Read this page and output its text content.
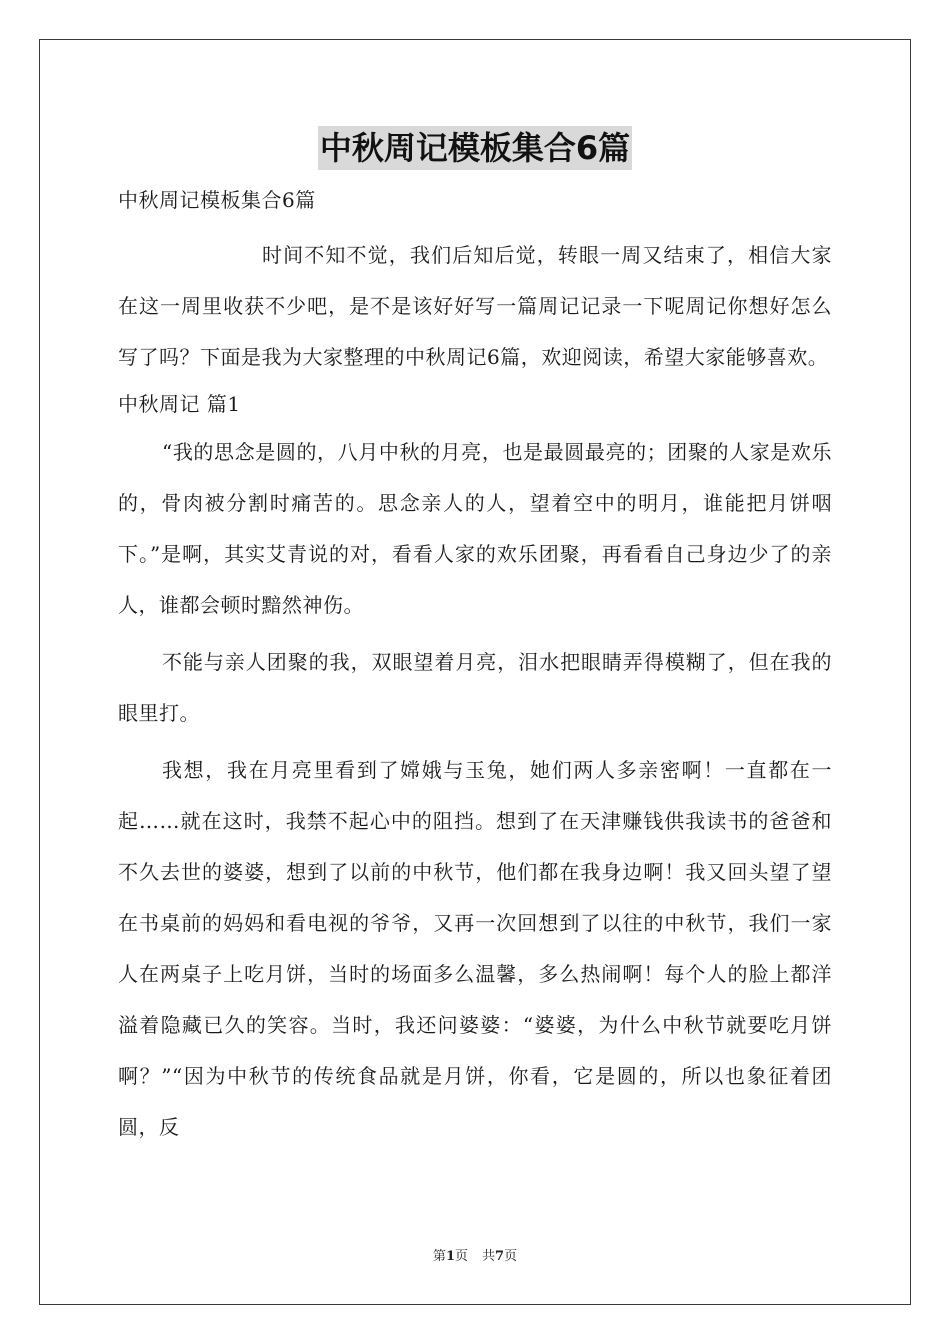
中秋周记模板集合6篇

中秋周记模板集合6篇

时间不知不觉，我们后知后觉，转眼一周又结束了，相信大家在这一周里收获不少吧，是不是该好好写一篇周记记录一下呢周记你想好怎么写了吗？下面是我为大家整理的中秋周记6篇，欢迎阅读，希望大家能够喜欢。

中秋周记 篇1

“我的思念是圆的，八月中秋的月亮，也是最圆最亮的；团聚的人家是欢乐的，骨肉被分割时痛苦的。思念亲人的人，望着空中的明月，谁能把月饼咽下。”是啊，其实艾青说的对，看看人家的欢乐团聚，再看看自己身边少了的亲人，谁都会顿时黯然神伤。

不能与亲人团聚的我，双眼望着月亮，泪水把眼睛弄得模糊了，但在我的眼里打。

我想，我在月亮里看到了嫦娥与玉兔，她们两人多亲密啊！一直都在一起……就在这时，我禁不起心中的阻挡。想到了在天津赚钱供我读书的爸爸和不久去世的婆婆，想到了以前的中秋节，他们都在我身边啊！我又回头望了望在书桌前的妈妈和看电视的爷爷，又再一次回想到了以往的中秋节，我们一家人在两桌子上吃月饼，当时的场面多么温馨，多么热闹啊！每个人的脸上都洋溢着隐藏已久的笑容。当时，我还问婆婆：“婆婆，为什么中秋节就要吃月饼啊？”“因为中秋节的传统食品就是月饼，你看，它是圆的，所以也象征着团圆，反

第1页 共7页
